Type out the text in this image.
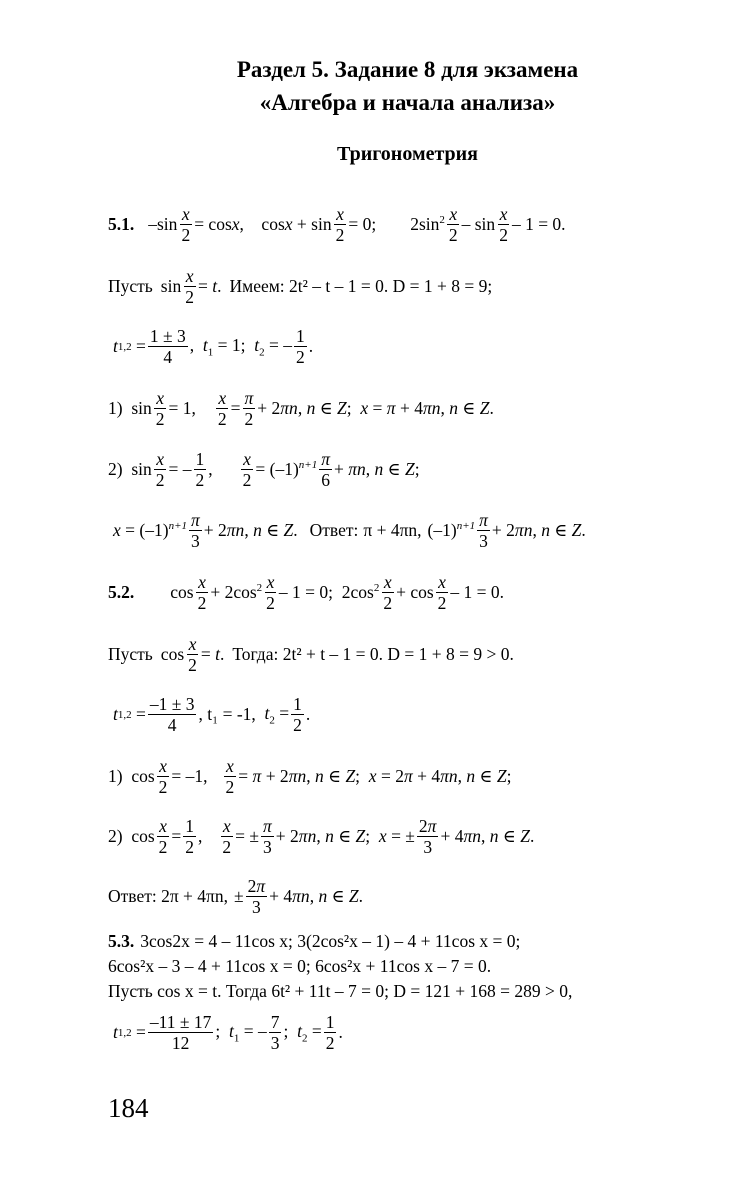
Раздел 5. Задание 8 для экзамена
«Алгебра и начала анализа»
Тригонометрия
5.1. $-\sin \frac{x}{2} = \cos x$,    $\cos x + \sin \frac{x}{2} = 0$; $2\sin^2 \frac{x}{2} - \sin \frac{x}{2} - 1 = 0$.
Пусть $\sin \frac{x}{2} = t$. Имеем: 2t² – t – 1 = 0. D = 1 + 8 = 9;
t $1,2 = \frac{1 \pm 3}{4}$ ,  $t_1 = 1$;  $t_2$ = – $\frac{1}{2}$ .
1)  $\sin \frac{x}{2} = 1$, $\frac{x}{2} = \frac{\pi}{2} + 2\pi n$, n ∈ Z;  x = π + 4πn, n ∈ Z.
2)  $\sin \frac{x}{2}$ = – $\frac{1}{2}$ , $\frac{x}{2} = (-1)^{n+1} \frac{\pi}{6} + \pi n$, n ∈ Z;
$x = (-1)^{n+1} \frac{\pi}{3} + 2\pi n$, n ∈ Z. Ответ: π + 4πn, $(-1)^{n+1} \frac{\pi}{3} + 2\pi n$, n ∈ Z.
5.2. $\cos \frac{x}{2} + 2\cos^2 \frac{x}{2} - 1 = 0$;  $2\cos^2 \frac{x}{2} + \cos \frac{x}{2} - 1 = 0$.
Пусть $\cos \frac{x}{2} = t$. Тогда: 2t² + t – 1 = 0. D = 1 + 8 = 9 > 0.
t $1,2 = \frac{-1 \pm 3}{4}$ , t₁ = -1, $t_2 = \frac{1}{2}$ .
1)  $\cos \frac{x}{2} = -1$, $\frac{x}{2} = \pi + 2\pi n$, n ∈ Z;  x = 2π + 4πn, n ∈ Z;
2)  $\cos \frac{x}{2} = \frac{1}{2}$ , $\frac{x}{2}$ = ± $\frac{\pi}{3} + 2\pi n$, n ∈ Z;  x = ± $\frac{2\pi}{3} + 4\pi n$, n ∈ Z.
Ответ: 2π + 4πn, ± $\frac{2\pi}{3} + 4\pi n$, n ∈ Z.
5.3. 3cos2x = 4 – 11cos x; 3(2cos²x – 1) – 4 + 11cos x = 0;
6cos²x – 3 – 4 + 11cos x = 0; 6cos²x + 11cos x – 7 = 0.
Пусть cos x = t. Тогда 6t² + 11t – 7 = 0; D = 121 + 168 = 289 > 0,
t $1,2 = \frac{-11 \pm 17}{12}$ ;  $t_1$ = – $\frac{7}{3}$ ;  $t_2 = \frac{1}{2}$ .
184
